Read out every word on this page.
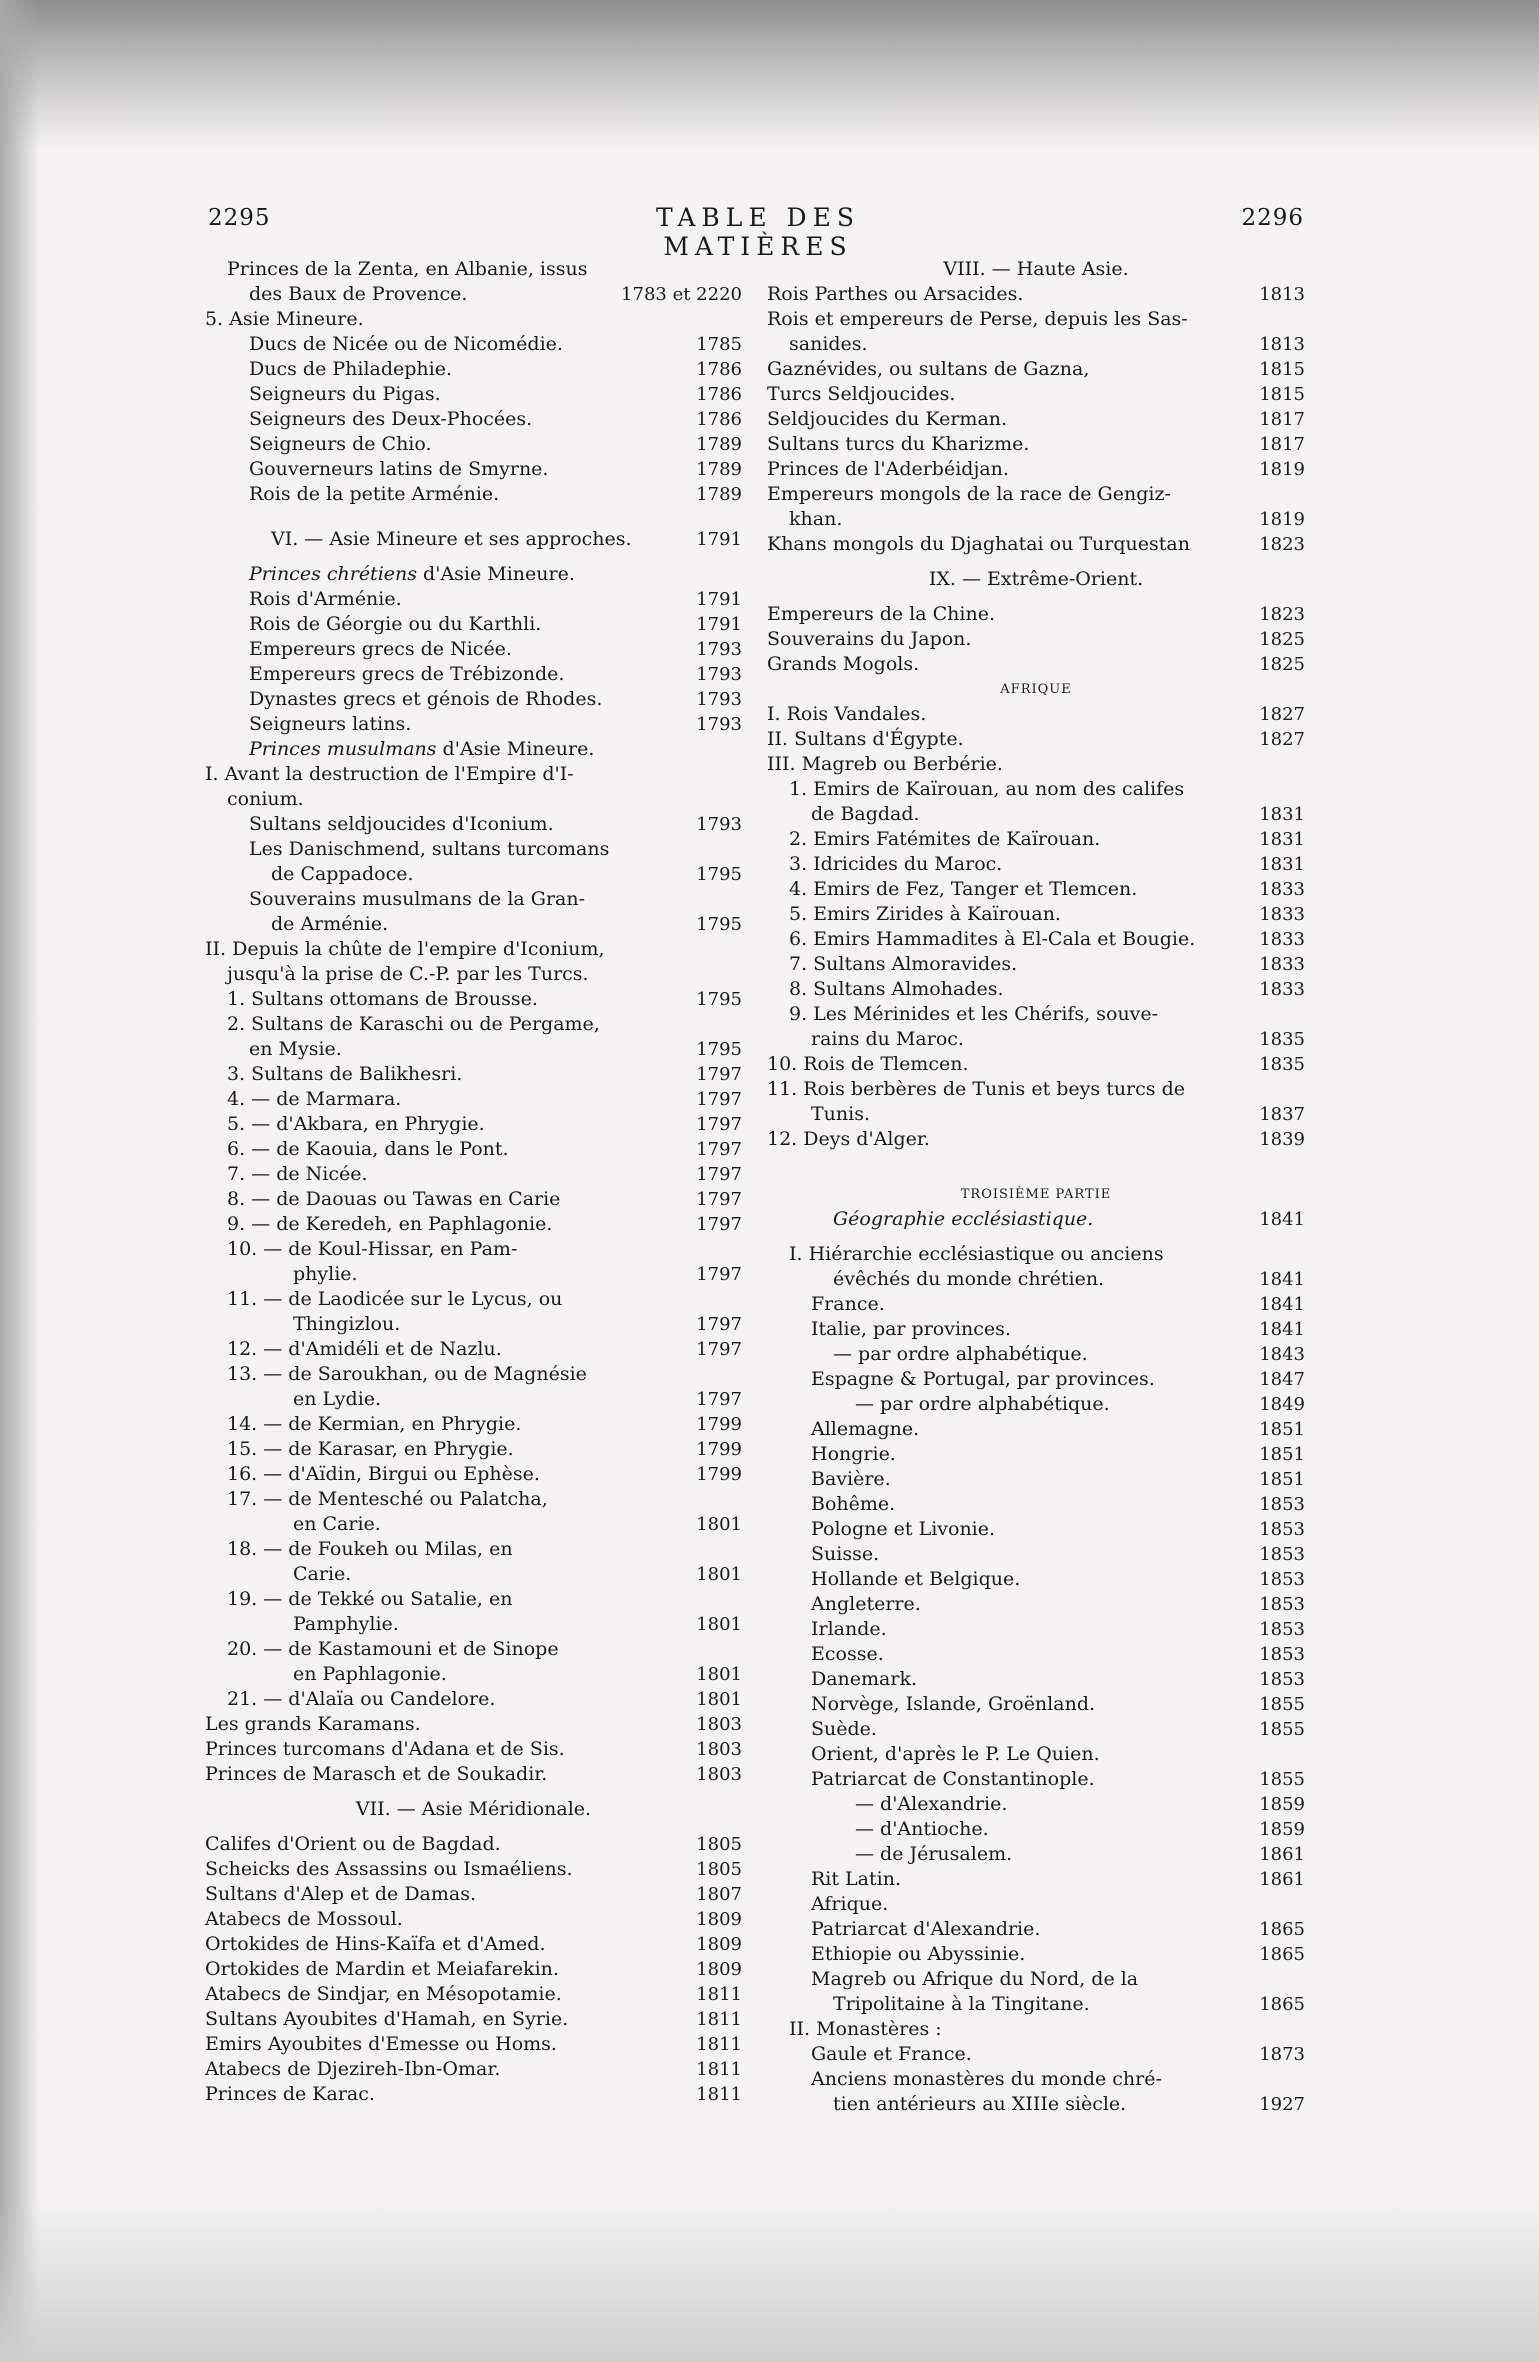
2295	TABLE DES MATIÈRES
2296
Princes de la Zenta, en Albanie, issus
des Baux de Provence.	1783 et 2220
5. Asie Mineure.
Ducs de Nicée ou de Nicomédie.	1785
Ducs de Philadephie.	1786
Seigneurs du Pigas.	1786
Seigneurs des Deux-Phocées.	1786
Seigneurs de Chio.	1789
Gouverneurs latins de Smyrne.	1789
Rois de la petite Arménie.	1789
VI. — Asie Mineure et ses approches.	1791
Princes chrétiens d'Asie Mineure.
Rois d'Arménie.	1791
Rois de Géorgie ou du Karthli.	1791
Empereurs grecs de Nicée.	1793
Empereurs grecs de Trébizonde.	1793
Dynastes grecs et génois de Rhodes.	1793
Seigneurs latins.	1793
Princes musulmans d'Asie Mineure.
I. Avant la destruction de l'Empire d'I-
conium.
Sultans seldjoucides d'Iconium.	1793
Les Danischmend, sultans turcomans
de Cappadoce.	1795
Souverains musulmans de la Gran-
de Arménie.	1795
II. Depuis la chûte de l'empire d'Iconium,
jusqu'à la prise de C.-P. par les Turcs.
1. Sultans ottomans de Brousse.	1795
2. Sultans de Karaschi ou de Pergame,
en Mysie.	1795
3. Sultans de Balikhesri.	1797
4. — de Marmara.	1797
5. — d'Akbara, en Phrygie.	1797
6. — de Kaouia, dans le Pont.	1797
7. — de Nicée.	1797
8. — de Daouas ou Tawas en Carie	1797
9. — de Keredeh, en Paphlagonie.	1797
10. — de Koul-Hissar, en Pam-
phylie.	1797
11. — de Laodicée sur le Lycus, ou
Thingizlou.	1797
12. — d'Amidéli et de Nazlu.	1797
13. — de Saroukhan, ou de Magnésie
en Lydie.	1797
14. — de Kermian, en Phrygie.	1799
15. — de Karasar, en Phrygie.	1799
16. — d'Aïdin, Birgui ou Ephèse.	1799
17. — de Mentesché ou Palatcha,
en Carie.	1801
18. — de Foukeh ou Milas, en
Carie.	1801
19. — de Tekké ou Satalie, en
Pamphylie.	1801
20. — de Kastamouni et de Sinope
en Paphlagonie.	1801
21. — d'Alaïa ou Candelore.	1801
Les grands Karamans.	1803
Princes turcomans d'Adana et de Sis.	1803
Princes de Marasch et de Soukadir.	1803
VII. — Asie Méridionale.
Califes d'Orient ou de Bagdad.	1805
Scheicks des Assassins ou Ismaéliens.	1805
Sultans d'Alep et de Damas.	1807
Atabecs de Mossoul.	1809
Ortokides de Hins-Kaïfa et d'Amed.	1809
Ortokides de Mardin et Meiafarekin.	1809
Atabecs de Sindjar, en Mésopotamie.	1811
Sultans Ayoubites d'Hamah, en Syrie.	1811
Emirs Ayoubites d'Emesse ou Homs.	1811
Atabecs de Djezireh-Ibn-Omar.	1811
Princes de Karac.	1811
VIII. — Haute Asie.
Rois Parthes ou Arsacides.	1813
Rois et empereurs de Perse, depuis les Sas-
sanides.	1813
Gaznévides, ou sultans de Gazna,	1815
Turcs Seldjoucides.	1815
Seldjoucides du Kerman.	1817
Sultans turcs du Kharizme.	1817
Princes de l'Aderbéidjan.	1819
Empereurs mongols de la race de Gengiz-
khan.	1819
Khans mongols du Djaghatai ou Turquestan	1823
IX. — Extrême-Orient.
Empereurs de la Chine.	1823
Souverains du Japon.	1825
Grands Mogols.	1825
AFRIQUE
I. Rois Vandales.	1827
II. Sultans d'Égypte.	1827
III. Magreb ou Berbérie.
1. Emirs de Kaïrouan, au nom des califes
de Bagdad.	1831
2. Emirs Fatémites de Kaïrouan.	1831
3. Idricides du Maroc.	1831
4. Emirs de Fez, Tanger et Tlemcen.	1833
5. Emirs Zirides à Kaïrouan.	1833
6. Emirs Hammadites à El-Cala et Bougie.	1833
7. Sultans Almoravides.	1833
8. Sultans Almohades.	1833
9. Les Mérinides et les Chérifs, souve-
rains du Maroc.	1835
10. Rois de Tlemcen.	1835
11. Rois berbères de Tunis et beys turcs de
Tunis.	1837
12. Deys d'Alger.	1839
TROISIÈME PARTIE
Géographie ecclésiastique.	1841
I. Hiérarchie ecclésiastique ou anciens
évêchés du monde chrétien.	1841
France.	1841
Italie, par provinces.	1841
— par ordre alphabétique.	1843
Espagne & Portugal, par provinces.	1847
— par ordre alphabétique.	1849
Allemagne.	1851
Hongrie.	1851
Bavière.	1851
Bohême.	1853
Pologne et Livonie.	1853
Suisse.	1853
Hollande et Belgique.	1853
Angleterre.	1853
Irlande.	1853
Ecosse.	1853
Danemark.	1853
Norvège, Islande, Groënland.	1855
Suède.	1855
Orient, d'après le P. Le Quien.
Patriarcat de Constantinople.	1855
— d'Alexandrie.	1859
— d'Antioche.	1859
— de Jérusalem.	1861
Rit Latin.	1861
Afrique.
Patriarcat d'Alexandrie.	1865
Ethiopie ou Abyssinie.	1865
Magreb ou Afrique du Nord, de la
Tripolitaine à la Tingitane.	1865
II. Monastères :
Gaule et France.	1873
Anciens monastères du monde chré-
tien antérieurs au XIIIe siècle.	1927
